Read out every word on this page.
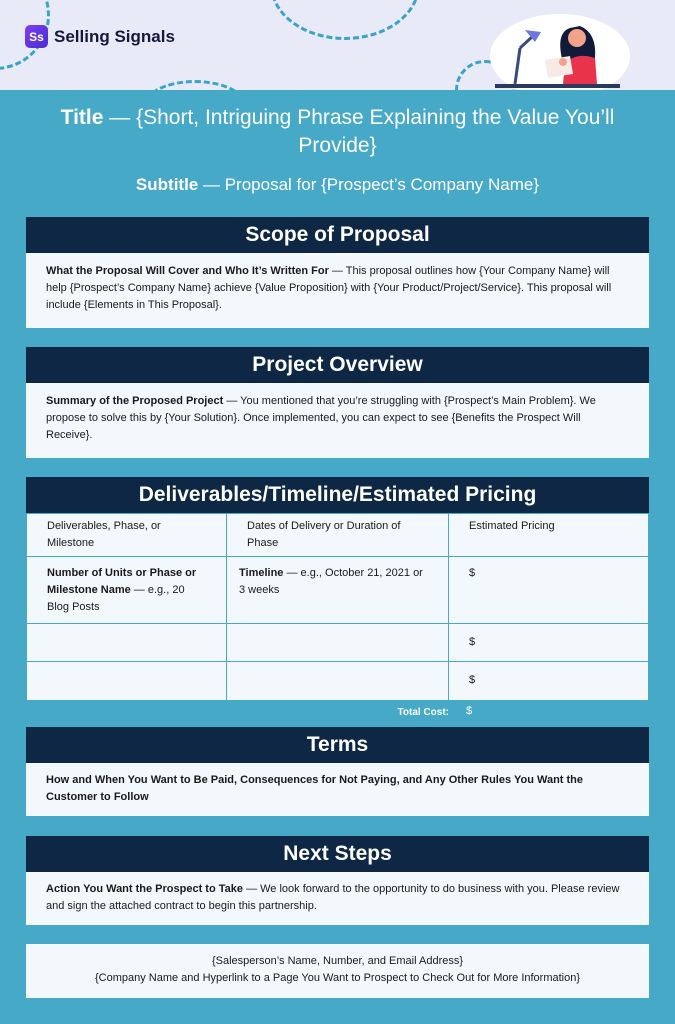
Ss Selling Signals
Title — {Short, Intriguing Phrase Explaining the Value You’ll Provide}
Subtitle — Proposal for {Prospect’s Company Name}
Scope of Proposal
What the Proposal Will Cover and Who It’s Written For — This proposal outlines how {Your Company Name} will help {Prospect’s Company Name} achieve {Value Proposition} with {Your Product/Project/Service}. This proposal will include {Elements in This Proposal}.
Project Overview
Summary of the Proposed Project — You mentioned that you’re struggling with {Prospect’s Main Problem}. We propose to solve this by {Your Solution}. Once implemented, you can expect to see {Benefits the Prospect Will Receive}.
Deliverables/Timeline/Estimated Pricing
Deliverables, Phase, or Milestone	Dates of Delivery or Duration of Phase	Estimated Pricing
Number of Units or Phase or Milestone Name — e.g., 20 Blog Posts	Timeline — e.g., October 21, 2021 or 3 weeks	$
		$
		$
Total Cost: $
Terms
How and When You Want to Be Paid, Consequences for Not Paying, and Any Other Rules You Want the Customer to Follow
Next Steps
Action You Want the Prospect to Take — We look forward to the opportunity to do business with you. Please review and sign the attached contract to begin this partnership.
{Salesperson’s Name, Number, and Email Address}
{Company Name and Hyperlink to a Page You Want to Prospect to Check Out for More Information}
